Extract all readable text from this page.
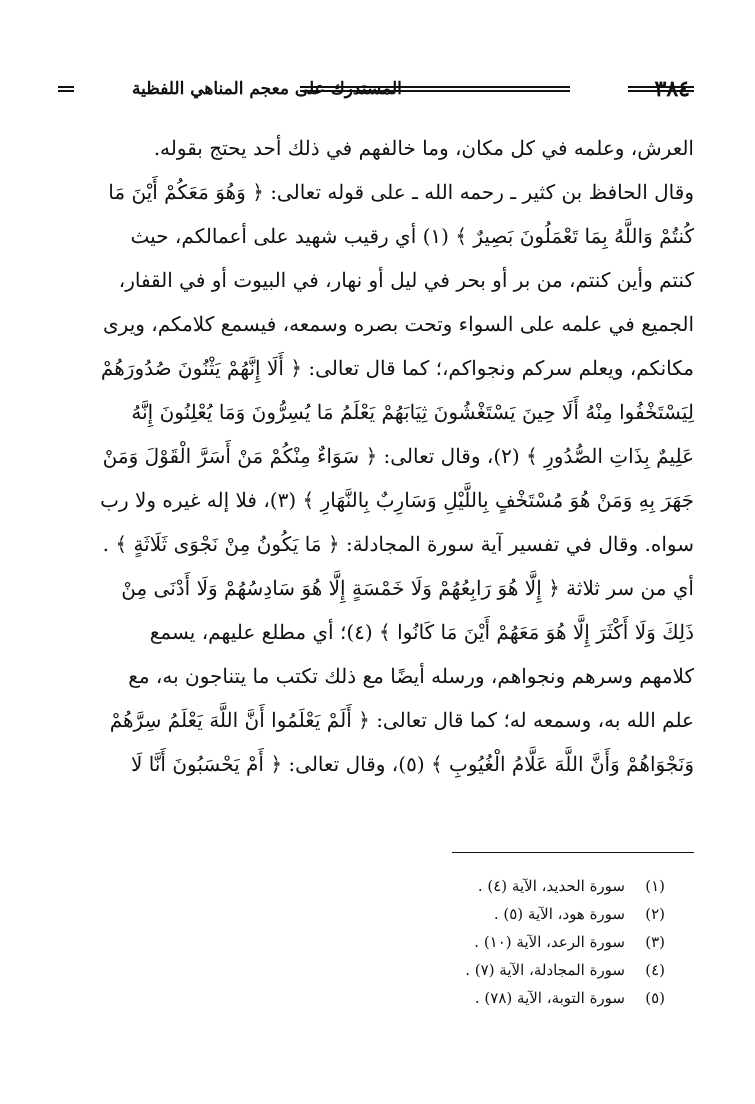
٣٨٤
المستدرك على معجم المناهي اللفظية
العرش، وعلمه في كل مكان، وما خالفهم في ذلك أحد يحتج بقوله.
وقال الحافظ بن كثير ـ رحمه الله ـ على قوله تعالى: ﴿ وَهُوَ مَعَكُمْ أَيْنَ مَا
كُنتُمْ وَاللَّهُ بِمَا تَعْمَلُونَ بَصِيرٌ ﴾ (١) أي رقيب شهيد على أعمالكم، حيث
كنتم وأين كنتم، من بر أو بحر في ليل أو نهار، في البيوت أو في القفار،
الجميع في علمه على السواء وتحت بصره وسمعه، فيسمع كلامكم، ويرى
مكانكم، ويعلم سركم ونجواكم،؛ كما قال تعالى: ﴿ أَلَا إِنَّهُمْ يَثْنُونَ صُدُورَهُمْ
لِيَسْتَخْفُوا مِنْهُ أَلَا حِينَ يَسْتَغْشُونَ ثِيَابَهُمْ يَعْلَمُ مَا يُسِرُّونَ وَمَا يُعْلِنُونَ إِنَّهُ
عَلِيمٌ بِذَاتِ الصُّدُورِ ﴾ (٢)، وقال تعالى: ﴿ سَوَاءٌ مِنْكُمْ مَنْ أَسَرَّ الْقَوْلَ وَمَنْ
جَهَرَ بِهِ وَمَنْ هُوَ مُسْتَخْفٍ بِاللَّيْلِ وَسَارِبٌ بِالنَّهَارِ ﴾ (٣)، فلا إله غيره ولا رب
سواه. وقال في تفسير آية سورة المجادلة: ﴿ مَا يَكُونُ مِنْ نَجْوَى ثَلَاثَةٍ ﴾ .
أي من سر ثلاثة ﴿ إِلَّا هُوَ رَابِعُهُمْ وَلَا خَمْسَةٍ إِلَّا هُوَ سَادِسُهُمْ وَلَا أَدْنَى مِنْ
ذَلِكَ وَلَا أَكْثَرَ إِلَّا هُوَ مَعَهُمْ أَيْنَ مَا كَانُوا ﴾ (٤)؛ أي مطلع عليهم، يسمع
كلامهم وسرهم ونجواهم، ورسله أيضًا مع ذلك تكتب ما يتناجون به، مع
علم الله به، وسمعه له؛ كما قال تعالى: ﴿ أَلَمْ يَعْلَمُوا أَنَّ اللَّهَ يَعْلَمُ سِرَّهُمْ
وَنَجْوَاهُمْ وَأَنَّ اللَّهَ عَلَّامُ الْغُيُوبِ ﴾ (٥)، وقال تعالى: ﴿ أَمْ يَحْسَبُونَ أَنَّا لَا
(١)سورة الحديد، الآية (٤) .
(٢)سورة هود، الآية (٥) .
(٣)سورة الرعد، الآية (١٠) .
(٤)سورة المجادلة، الآية (٧) .
(٥)سورة التوبة، الآية (٧٨) .
